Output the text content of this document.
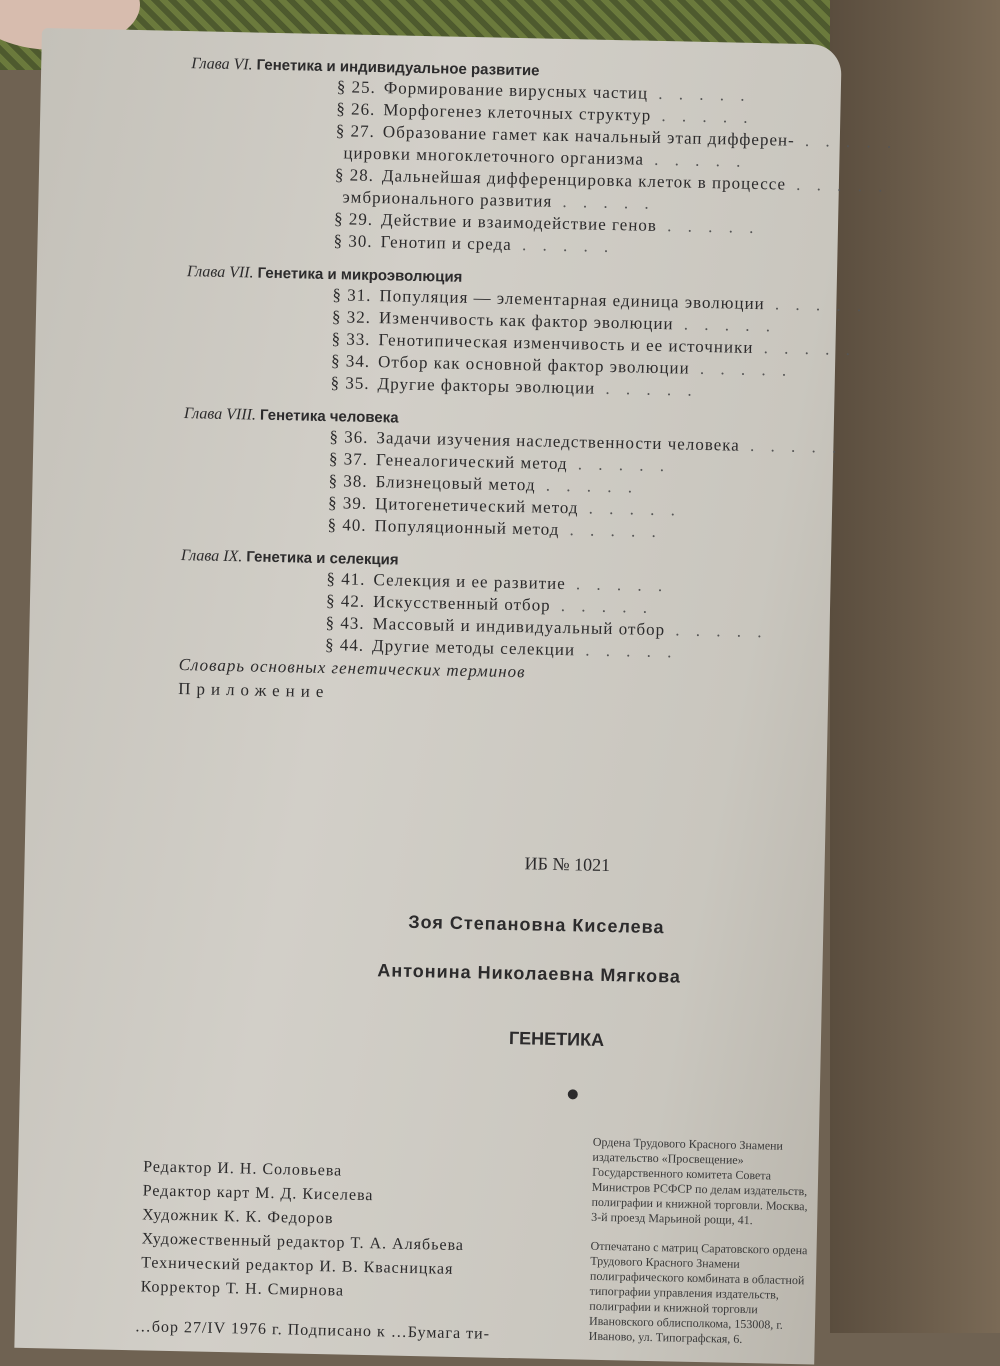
Глава VI. Генетика и индивидуальное развитие
§ 25. Формирование вирусных частиц . . . . .
§ 26. Морфогенез клеточных структур . . . . .
§ 27. Образование гамет как начальный этап дифферен- . . . . .
цировки многоклеточного организма . . . . .
§ 28. Дальнейшая дифференцировка клеток в процессе . . . . .
эмбрионального развития . . . . .
§ 29. Действие и взаимодействие генов . . . . .
§ 30. Генотип и среда . . . . .
Глава VII. Генетика и микроэволюция
§ 31. Популяция — элементарная единица эволюции . . . . .
§ 32. Изменчивость как фактор эволюции . . . . .
§ 33. Генотипическая изменчивость и ее источники . . . . .
§ 34. Отбор как основной фактор эволюции . . . . .
§ 35. Другие факторы эволюции . . . . .
Глава VIII. Генетика человека
§ 36. Задачи изучения наследственности человека . . . . .
§ 37. Генеалогический метод . . . . .
§ 38. Близнецовый метод . . . . .
§ 39. Цитогенетический метод . . . . .
§ 40. Популяционный метод . . . . .
Глава IX. Генетика и селекция
§ 41. Селекция и ее развитие . . . . .
§ 42. Искусственный отбор . . . . .
§ 43. Массовый и индивидуальный отбор . . . . .
§ 44. Другие методы селекции . . . . .
Словарь основных генетических терминов
Приложение
ИБ № 1021
Зоя Степановна Киселева
Антонина Николаевна Мягкова
ГЕНЕТИКА
Редактор И. Н. Соловьева
Редактор карт М. Д. Киселева
Художник К. К. Федоров
Художественный редактор Т. А. Алябьева
Технический редактор И. В. Квасницкая
Корректор Т. Н. Смирнова

Ордена Трудового Красного Знамени издательство «Просвещение» Государственного комитета Совета Министров РСФСР по делам издательств, полиграфии и книжной торговли. Москва, 3-й проезд Марьиной рощи, 41.

Отпечатано с матриц Саратовского ордена Трудового Красного Знамени полиграфического комбината в областной типографии управления издательств, полиграфии и книжной торговли Ивановского облисполкома, 153008, г. Иваново, ул. Типографская, 6.

…бор 27/IV 1976 г. Подписано к …Бумага ти-
